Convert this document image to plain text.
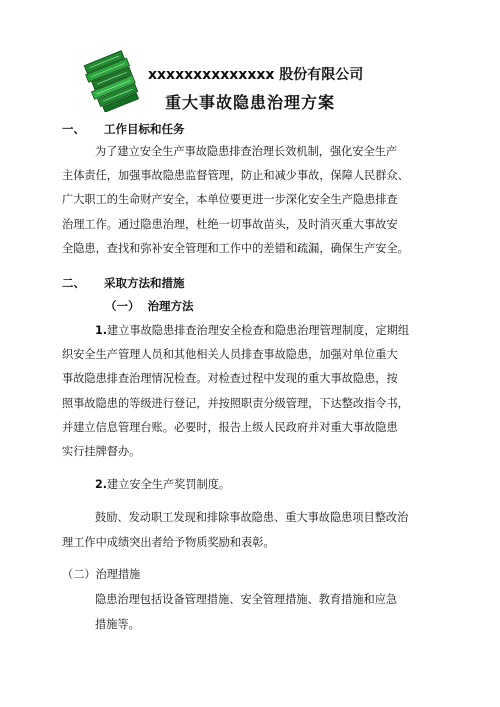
xxxxxxxxxxxxxx 股份有限公司
重大事故隐患治理方案
一、 工作目标和任务
为了建立安全生产事故隐患排查治理长效机制，强化安全生产
主体责任，加强事故隐患监督管理，防止和减少事故，保障人民群众、
广大职工的生命财产安全，本单位要更进一步深化安全生产隐患排查
治理工作。通过隐患治理，杜绝一切事故苗头，及时消灭重大事故安
全隐患，查找和弥补安全管理和工作中的差错和疏漏，确保生产安全。
二、 采取方法和措施
（一） 治理方法
1.建立事故隐患排查治理安全检查和隐患治理管理制度，定期组
织安全生产管理人员和其他相关人员排查事故隐患，加强对单位重大
事故隐患排查治理情况检查。对检查过程中发现的重大事故隐患，按
照事故隐患的等级进行登记，并按照职责分级管理，下达整改指令书，
并建立信息管理台账。必要时，报告上级人民政府并对重大事故隐患
实行挂牌督办。
2.建立安全生产奖罚制度。
鼓励、发动职工发现和排除事故隐患、重大事故隐患项目整改治
理工作中成绩突出者给予物质奖励和表彰。
（二）治理措施
隐患治理包括设备管理措施、安全管理措施、教育措施和应急
措施等。
